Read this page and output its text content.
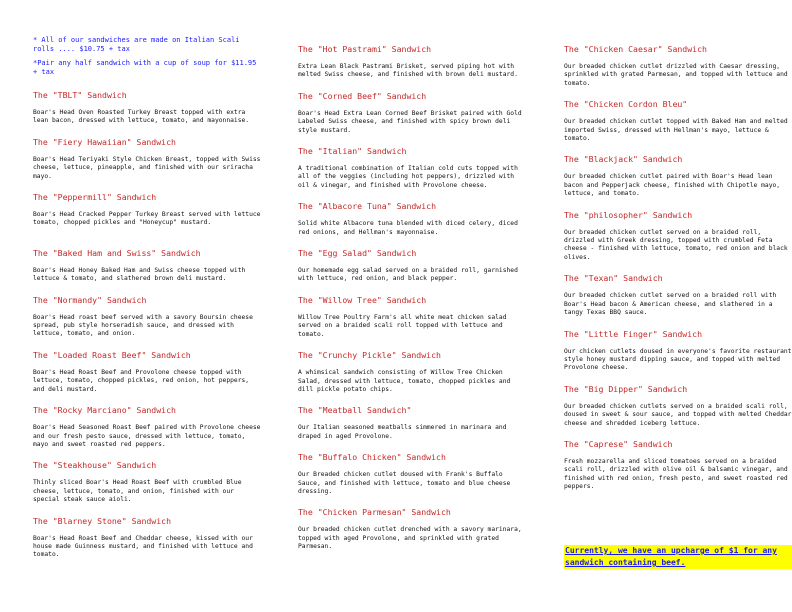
* All of our sandwiches are made on Italian Scali rolls .... $10.75 + tax

*Pair any half sandwich with a cup of soup for $11.95 + tax

The "TBLT" Sandwich

Boar's Head Oven Roasted Turkey Breast topped with extra lean bacon, dressed with lettuce, tomato, and mayonnaise.

The "Fiery Hawaiian" Sandwich

Boar's Head Teriyaki Style Chicken Breast, topped with Swiss cheese, lettuce, pineapple, and finished with our sriracha mayo.

The "Peppermill" Sandwich

Boar's Head Cracked Pepper Turkey Breast served with lettuce tomato, chopped pickles and "Honeycup" mustard.

The "Baked Ham and Swiss" Sandwich

Boar's Head Honey Baked Ham and Swiss cheese topped with lettuce & tomato, and slathered brown deli mustard.

The "Normandy" Sandwich

Boar's Head roast beef served with a savory Boursin cheese spread, pub style horseradish sauce, and dressed with lettuce, tomato, and onion.

The "Loaded Roast Beef" Sandwich

Boar's Head Roast Beef and Provolone cheese topped with lettuce, tomato, chopped pickles, red onion, hot peppers, and deli mustard.

The "Rocky Marciano" Sandwich

Boar's Head Seasoned Roast Beef paired with Provolone cheese and our fresh pesto sauce, dressed with lettuce, tomato, mayo and sweet roasted red peppers.

The "Steakhouse" Sandwich

Thinly sliced Boar's Head Roast Beef with crumbled Blue cheese, lettuce, tomato, and onion, finished with our special steak sauce aioli.

The "Blarney Stone" Sandwich

Boar's Head Roast Beef and Cheddar cheese, kissed with our house made Guinness mustard, and finished with lettuce and tomato.

The "Hot Pastrami" Sandwich

Extra Lean Black Pastrami Brisket, served piping hot with melted Swiss cheese, and finished with brown deli mustard.

The "Corned Beef" Sandwich

Boar's Head Extra Lean Corned Beef Brisket paired with Gold Labeled Swiss cheese, and finished with spicy brown deli style mustard.

The "Italian" Sandwich

A traditional combination of Italian cold cuts topped with all of the veggies (including hot peppers), drizzled with oil & vinegar, and finished with Provolone cheese.

The "Albacore Tuna" Sandwich

Solid white Albacore tuna blended with diced celery, diced red onions, and Hellman's mayonnaise.

The "Egg Salad" Sandwich

Our homemade egg salad served on a braided roll, garnished with lettuce, red onion, and black pepper.

The "Willow Tree" Sandwich

Willow Tree Poultry Farm's all white meat chicken salad served on a braided scali roll topped with lettuce and tomato.

The "Crunchy Pickle" Sandwich

A whimsical sandwich consisting of Willow Tree Chicken Salad, dressed with lettuce, tomato, chopped pickles and dill pickle potato chips.

The "Meatball Sandwich"

Our Italian seasoned meatballs simmered in marinara and draped in aged Provolone.

The "Buffalo Chicken" Sandwich

Our Breaded chicken cutlet doused with Frank's Buffalo Sauce, and finished with lettuce, tomato and blue cheese dressing.

The "Chicken Parmesan" Sandwich

Our breaded chicken cutlet drenched with a savory marinara, topped with aged Provolone, and sprinkled with grated Parmesan.

The "Chicken Caesar" Sandwich

Our breaded chicken cutlet drizzled with Caesar dressing, sprinkled with grated Parmesan, and topped with lettuce and tomato.

The "Chicken Cordon Bleu"

Our breaded chicken cutlet topped with Baked Ham and melted imported Swiss, dressed with Hellman's mayo, lettuce & tomato.

The "Blackjack" Sandwich

Our breaded chicken cutlet paired with Boar's Head lean bacon and Pepperjack cheese, finished with Chipotle mayo, lettuce, and tomato.

The "philosopher" Sandwich

Our breaded chicken cutlet served on a braided roll, drizzled with Greek dressing, topped with crumbled Feta cheese - finished with lettuce, tomato, red onion and black olives.

The "Texan" Sandwich

Our breaded chicken cutlet served on a braided roll with Boar's Head bacon & American cheese, and slathered in a tangy Texas BBQ sauce.

The "Little Finger" Sandwich

Our chicken cutlets doused in everyone's favorite restaurant style honey mustard dipping sauce, and topped with melted Provolone cheese.

The "Big Dipper" Sandwich

Our breaded chicken cutlets served on a braided scali roll, doused in sweet & sour sauce, and topped with melted Cheddar cheese and shredded iceberg lettuce.

The "Caprese" Sandwich

Fresh mozzarella and sliced tomatoes served on a braided scali roll, drizzled with olive oil & balsamic vinegar, and finished with red onion, fresh pesto, and sweet roasted red peppers.

Currently, we have an upcharge of $1 for any sandwich containing beef.
